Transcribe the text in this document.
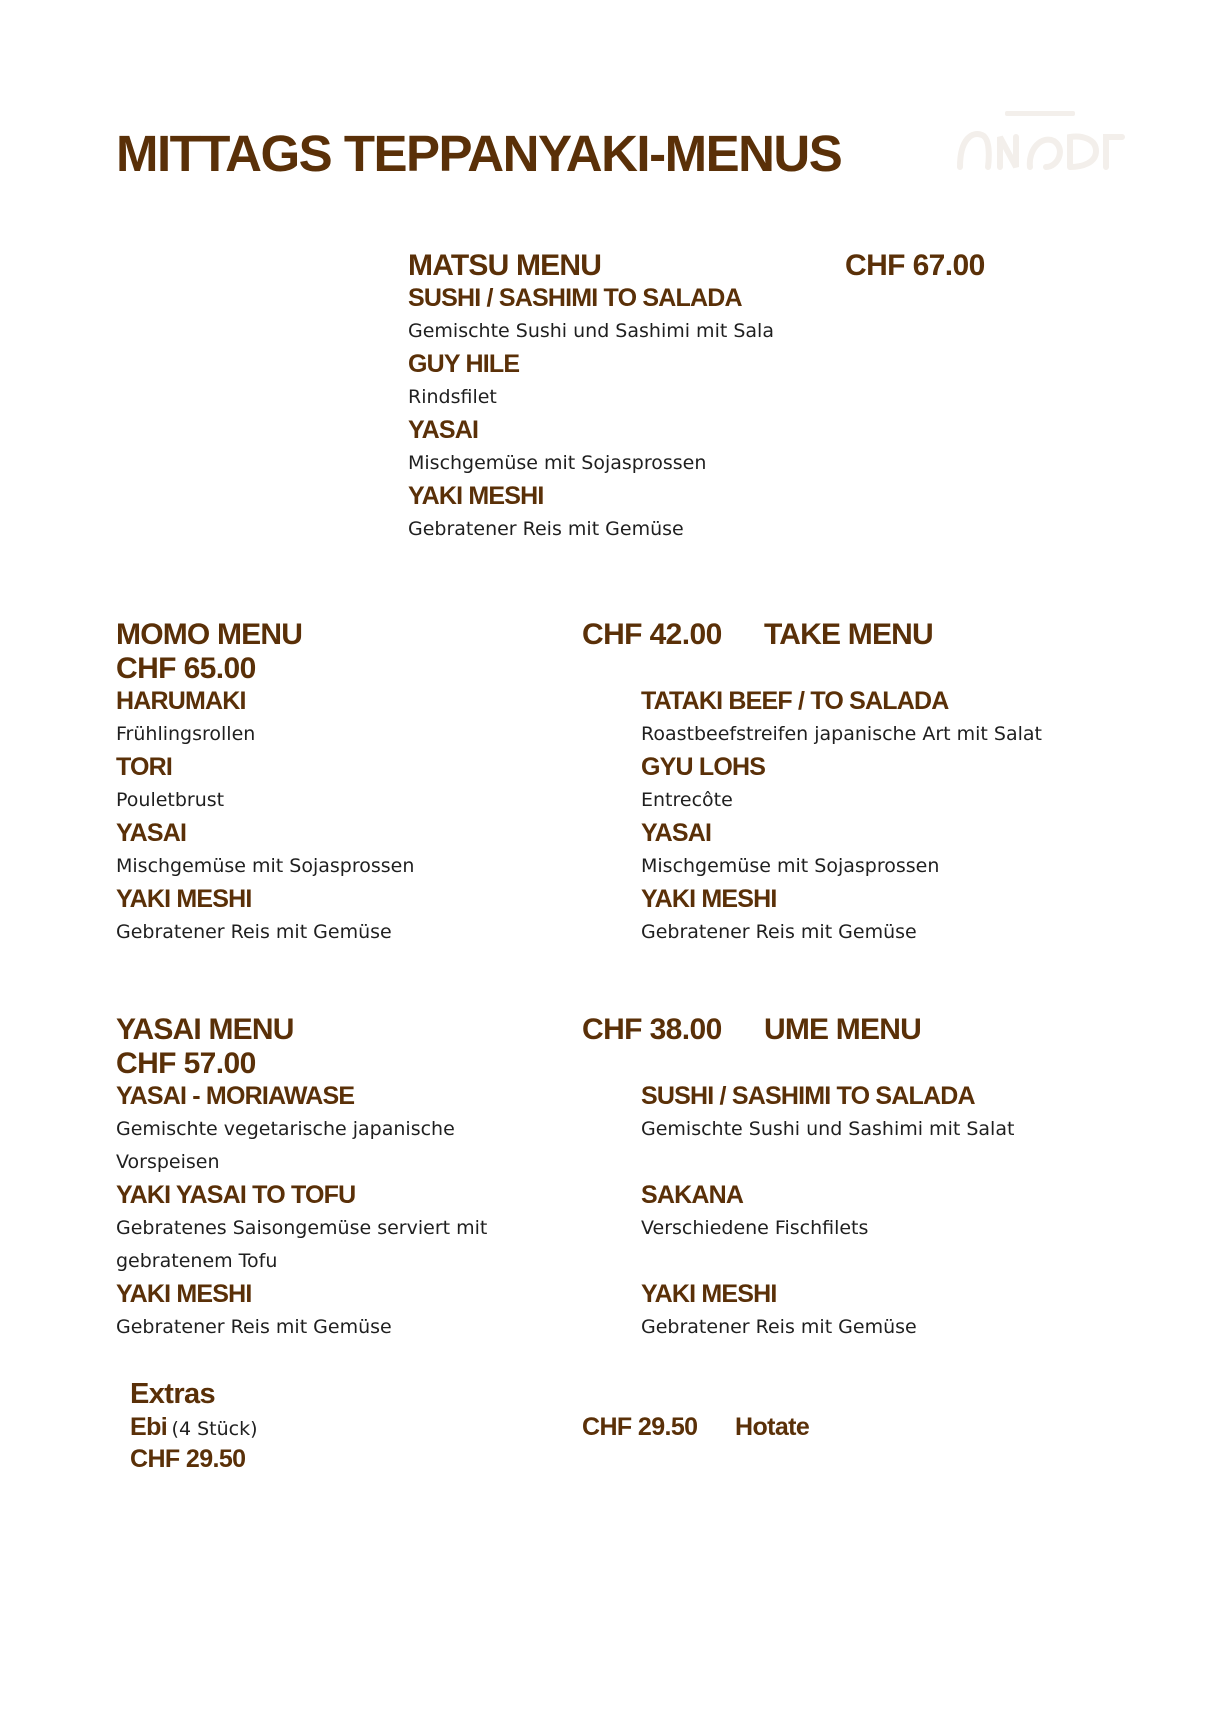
MITTAGS TEPPANYAKI-MENUS
MATSU MENU	CHF 67.00
SUSHI / SASHIMI TO SALADA
Gemischte Sushi und Sashimi mit Sala
GUY HILE
Rindsfilet
YASAI
Mischgemüse mit Sojasprossen
YAKI MESHI
Gebratener Reis mit Gemüse
MOMO MENU
CHF 65.00
HARUMAKI
Frühlingsrollen
TORI
Pouletbrust
YASAI
Mischgemüse mit Sojasprossen
YAKI MESHI
Gebratener Reis mit Gemüse
CHF 42.00 TAKE MENU
TATAKI BEEF / TO SALADA
Roastbeefstreifen japanische Art mit Salat
GYU LOHS
Entrecôte
YASAI
Mischgemüse mit Sojasprossen
YAKI MESHI
Gebratener Reis mit Gemüse
YASAI MENU
CHF 57.00
YASAI - MORIAWASE
Gemischte vegetarische japanische
Vorspeisen
YAKI YASAI TO TOFU
Gebratenes Saisongemüse serviert mit
gebratenem Tofu
YAKI MESHI
Gebratener Reis mit Gemüse
CHF 38.00 UME MENU
SUSHI / SASHIMI TO SALADA
Gemischte Sushi und Sashimi mit Salat
SAKANA
Verschiedene Fischfilets
YAKI MESHI
Gebratener Reis mit Gemüse
Extras
Ebi (4 Stück)
CHF 29.50
CHF 29.50 Hotate
